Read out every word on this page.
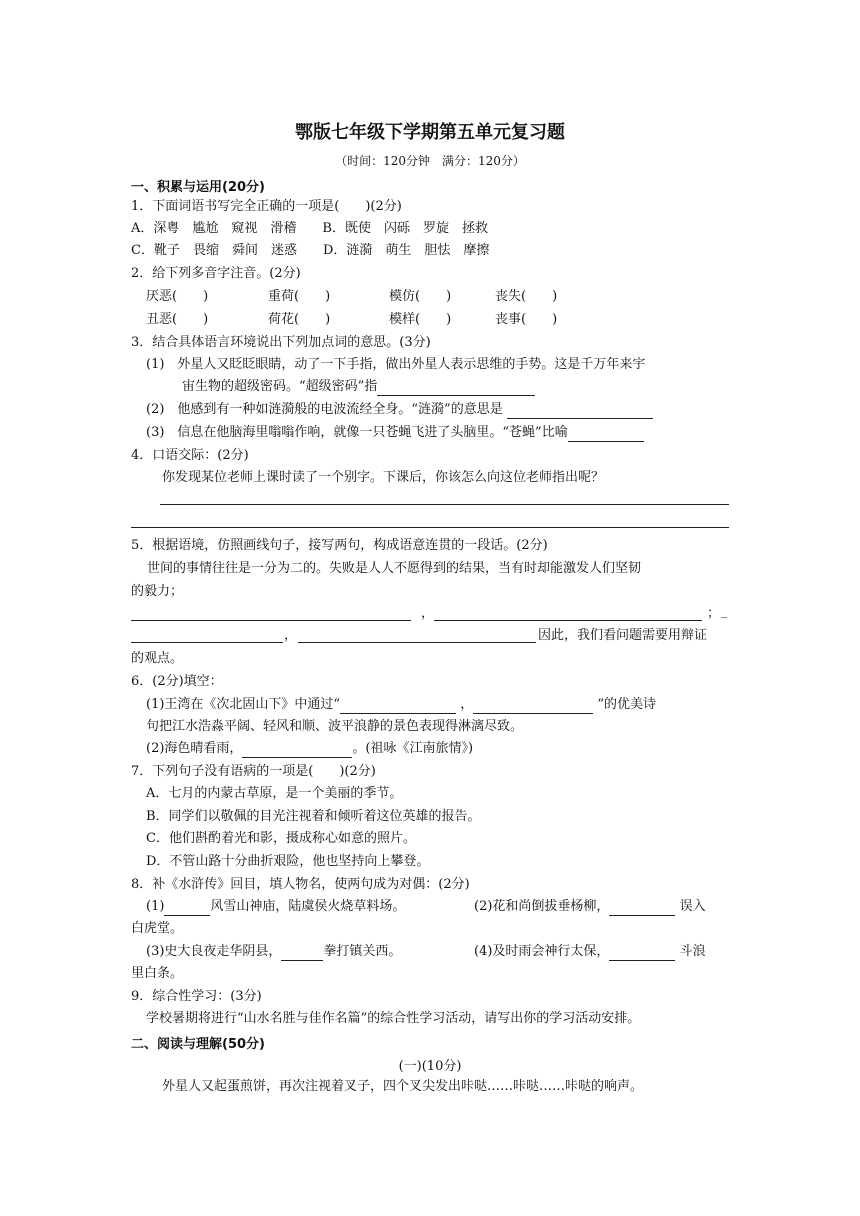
鄂版七年级下学期第五单元复习题
（时间：120分钟　满分：120分）
一、积累与运用(20分)
1．下面词语书写完全正确的一项是(　　)(2分)
A．深粤　尴尬　窥视　滑稽　　B．既使　闪砾　罗旋　拯救
C．靴子　畏缩　舜间　迷惑　　D．涟漪　萌生　胆怯　摩擦
2．给下列多音字注音。(2分)
厌恶(　　)	重荷(　　)	模仿(　　)	丧失(　　)
丑恶(　　)	荷花(　　)	模样(　　)	丧事(　　)
3．结合具体语言环境说出下列加点词的意思。(3分)
(1)　外星人又眨眨眼睛，动了一下手指，做出外星人表示思维的手势。这是千万年来宇
宙生物的超级密码。“超级密码”指
(2)　他感到有一种如涟漪般的电波流经全身。“涟漪”的意思是
(3)　信息在他脑海里嗡嗡作响，就像一只苍蝇飞进了头脑里。“苍蝇”比喻
4．口语交际：(2分)
你发现某位老师上课时读了一个别字。下课后，你该怎么向这位老师指出呢？
5．根据语境，仿照画线句子，接写两句，构成语意连贯的一段话。(2分)
世间的事情往往是一分为二的。失败是人人不愿得到的结果，当有时却能激发人们坚韧
的毅力；
，	； _
，	因此，我们看问题需要用辩证
的观点。
6．(2分)填空：
(1)王湾在《次北固山下》中通过“	，	”的优美诗
句把江水浩淼平阔、轻风和顺、波平浪静的景色表现得淋漓尽致。
(2)海色晴看雨，	。(祖咏《江南旅情》)
7．下列句子没有语病的一项是(　　)(2分)
A．七月的内蒙古草原，是一个美丽的季节。
B．同学们以敬佩的目光注视着和倾听着这位英雄的报告。
C．他们斟酌着光和影，摄成称心如意的照片。
D．不管山路十分曲折艰险，他也坚持向上攀登。
8．补《水浒传》回目，填人物名，使两句成为对偶：(2分)
(1)	风雪山神庙，陆虞侯火烧草料场。	(2)花和尚倒拔垂杨柳，	误入
白虎堂。
(3)史大良夜走华阴县，	拳打镇关西。	(4)及时雨会神行太保，	斗浪
里白条。
9．综合性学习：(3分)
学校暑期将进行“山水名胜与佳作名篇”的综合性学习活动，请写出你的学习活动安排。
二、阅读与理解(50分)
(一)(10分)
外星人又起蛋煎饼，再次注视着叉子，四个叉尖发出咔哒……咔哒……咔哒的响声。
